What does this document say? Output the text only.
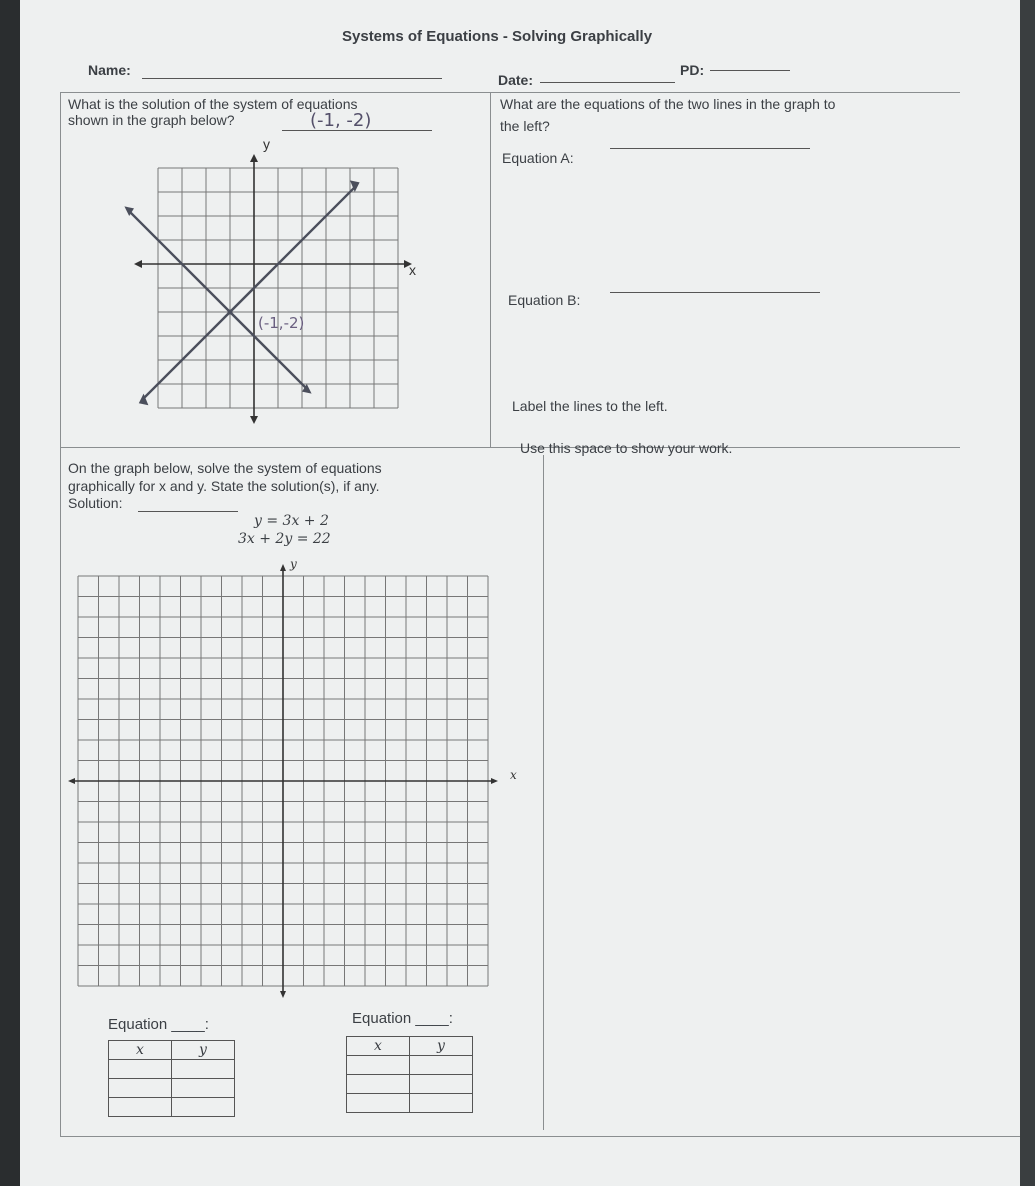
Systems of Equations - Solving Graphically
Name:
Date:
PD:
What is the solution of the system of equations
shown in the graph below?	(-1, -2)
y
x
(-1,-2)
What are the equations of the two lines in the graph to
the left?
Equation A:
Equation B:
Label the lines to the left.
On the graph below, solve the system of equations
graphically for x and y. State the solution(s), if any.
Solution:
y = 3x + 2
3x + 2y = 22
Use this space to show your work.
y
x
Equation ____:
x	y

Equation ____:
x	y
